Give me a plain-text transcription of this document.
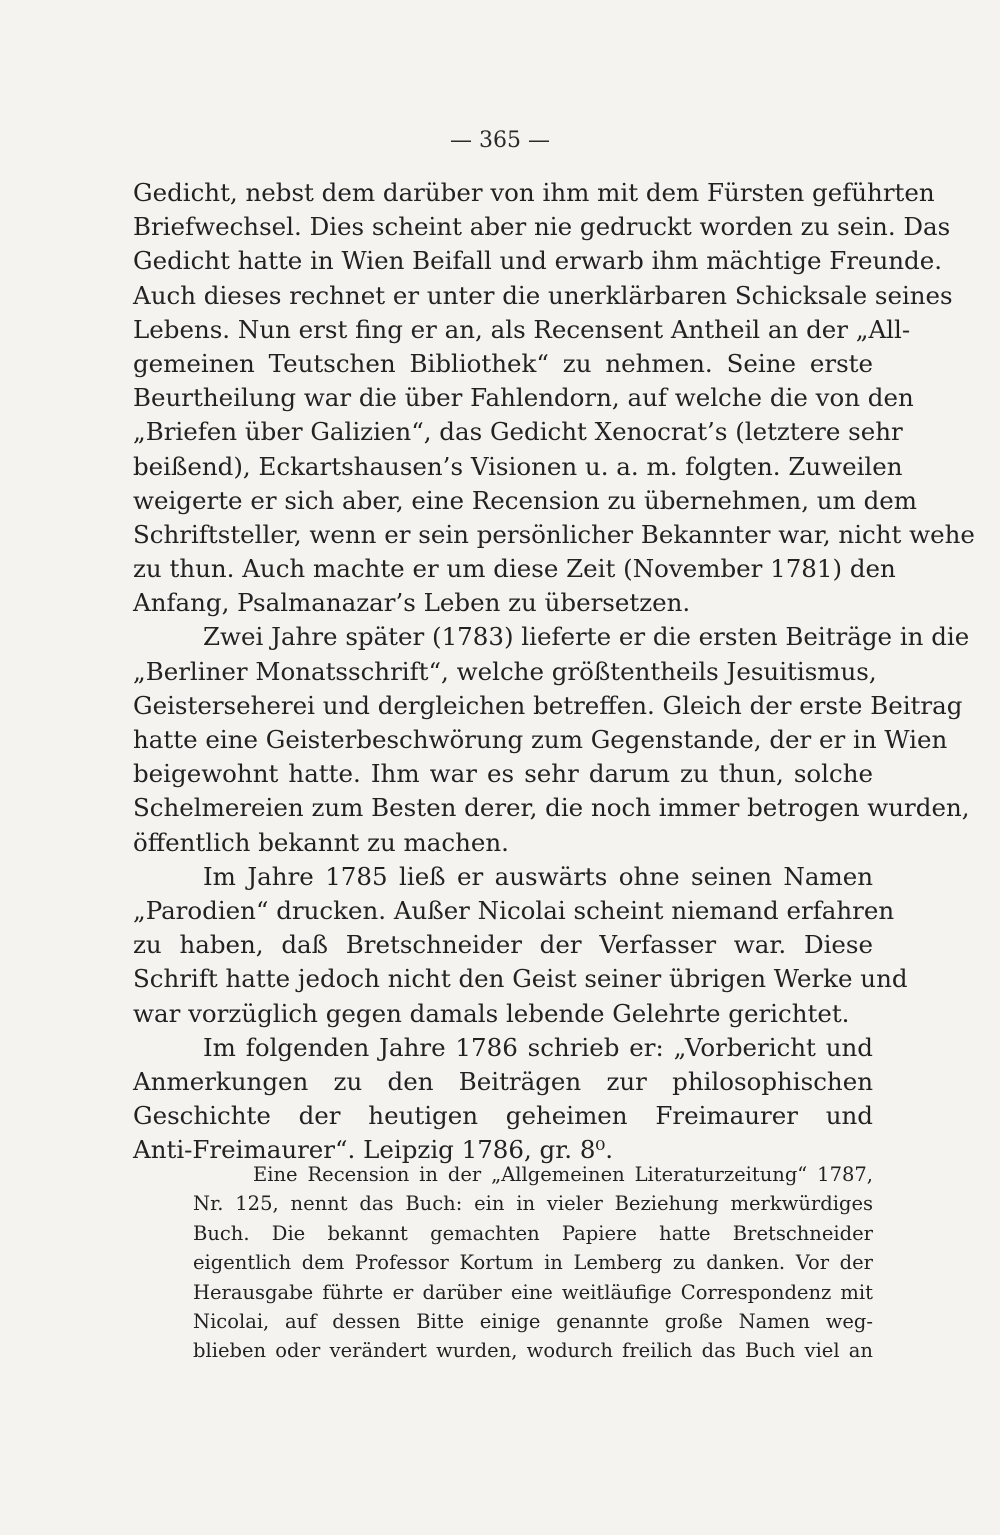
— 365 —
Gedicht, nebst dem darüber von ihm mit dem Fürsten geführten
Briefwechsel. Dies scheint aber nie gedruckt worden zu sein. Das
Gedicht hatte in Wien Beifall und erwarb ihm mächtige Freunde.
Auch dieses rechnet er unter die unerklärbaren Schicksale seines
Lebens. Nun erst fing er an, als Recensent Antheil an der „All-
gemeinen Teutschen Bibliothek“ zu nehmen. Seine erste
Beurtheilung war die über Fahlendorn, auf welche die von den
„Briefen über Galizien“, das Gedicht Xenocrat’s (letztere sehr
beißend), Eckartshausen’s Visionen u. a. m. folgten. Zuweilen
weigerte er sich aber, eine Recension zu übernehmen, um dem
Schriftsteller, wenn er sein persönlicher Bekannter war, nicht wehe
zu thun. Auch machte er um diese Zeit (November 1781) den
Anfang, Psalmanazar’s Leben zu übersetzen.
Zwei Jahre später (1783) lieferte er die ersten Beiträge in die
„Berliner Monatsschrift“, welche größtentheils Jesuitismus,
Geisterseherei und dergleichen betreffen. Gleich der erste Beitrag
hatte eine Geisterbeschwörung zum Gegenstande, der er in Wien
beigewohnt hatte. Ihm war es sehr darum zu thun, solche
Schelmereien zum Besten derer, die noch immer betrogen wurden,
öffentlich bekannt zu machen.
Im Jahre 1785 ließ er auswärts ohne seinen Namen
„Parodien“ drucken. Außer Nicolai scheint niemand erfahren
zu haben, daß Bretschneider der Verfasser war. Diese
Schrift hatte jedoch nicht den Geist seiner übrigen Werke und
war vorzüglich gegen damals lebende Gelehrte gerichtet.
Im folgenden Jahre 1786 schrieb er: „Vorbericht und
Anmerkungen zu den Beiträgen zur philosophischen
Geschichte der heutigen geheimen Freimaurer und
Anti-Freimaurer“. Leipzig 1786, gr. 8⁰.
Eine Recension in der „Allgemeinen Literaturzeitung“ 1787,
Nr. 125, nennt das Buch: ein in vieler Beziehung merkwürdiges
Buch. Die bekannt gemachten Papiere hatte Bretschneider
eigentlich dem Professor Kortum in Lemberg zu danken. Vor der
Herausgabe führte er darüber eine weitläufige Correspondenz mit
Nicolai, auf dessen Bitte einige genannte große Namen weg-
blieben oder verändert wurden, wodurch freilich das Buch viel an
